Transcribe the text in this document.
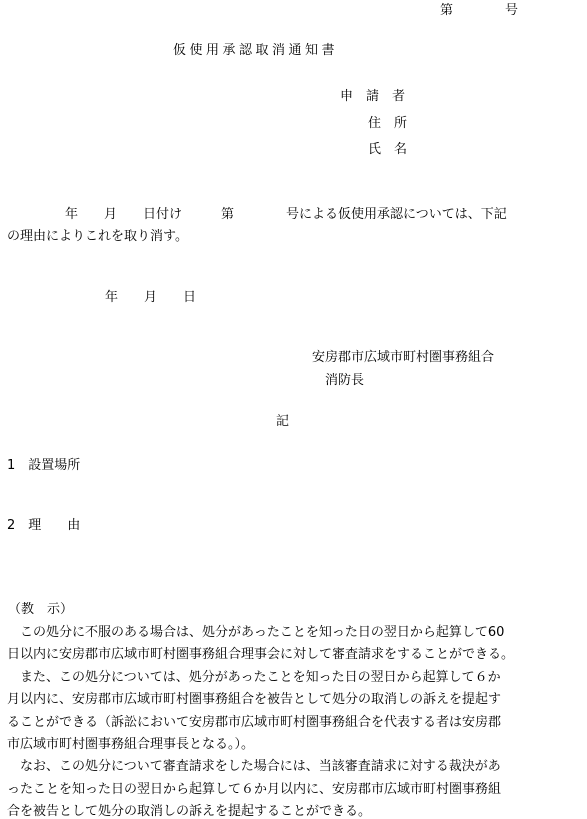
第　　　　号
仮使用承認取消通知書
申　請　者
住　所
氏　名
　　　　年　　月　　日付け　　　第　　　　号による仮使用承認については、下記
の理由によりこれを取り消す。
年　　月　　日
安房郡市広域市町村圏事務組合
消防長
記
1　設置場所
2　理　　由
（教　示）
　この処分に不服のある場合は、処分があったことを知った日の翌日から起算して60
日以内に安房郡市広域市町村圏事務組合理事会に対して審査請求をすることができる。
　また、この処分については、処分があったことを知った日の翌日から起算して６か
月以内に、安房郡市広域市町村圏事務組合を被告として処分の取消しの訴えを提起す
ることができる（訴訟において安房郡市広域市町村圏事務組合を代表する者は安房郡
市広域市町村圏事務組合理事長となる。）。
　なお、この処分について審査請求をした場合には、当該審査請求に対する裁決があ
ったことを知った日の翌日から起算して６か月以内に、安房郡市広域市町村圏事務組
合を被告として処分の取消しの訴えを提起することができる。
